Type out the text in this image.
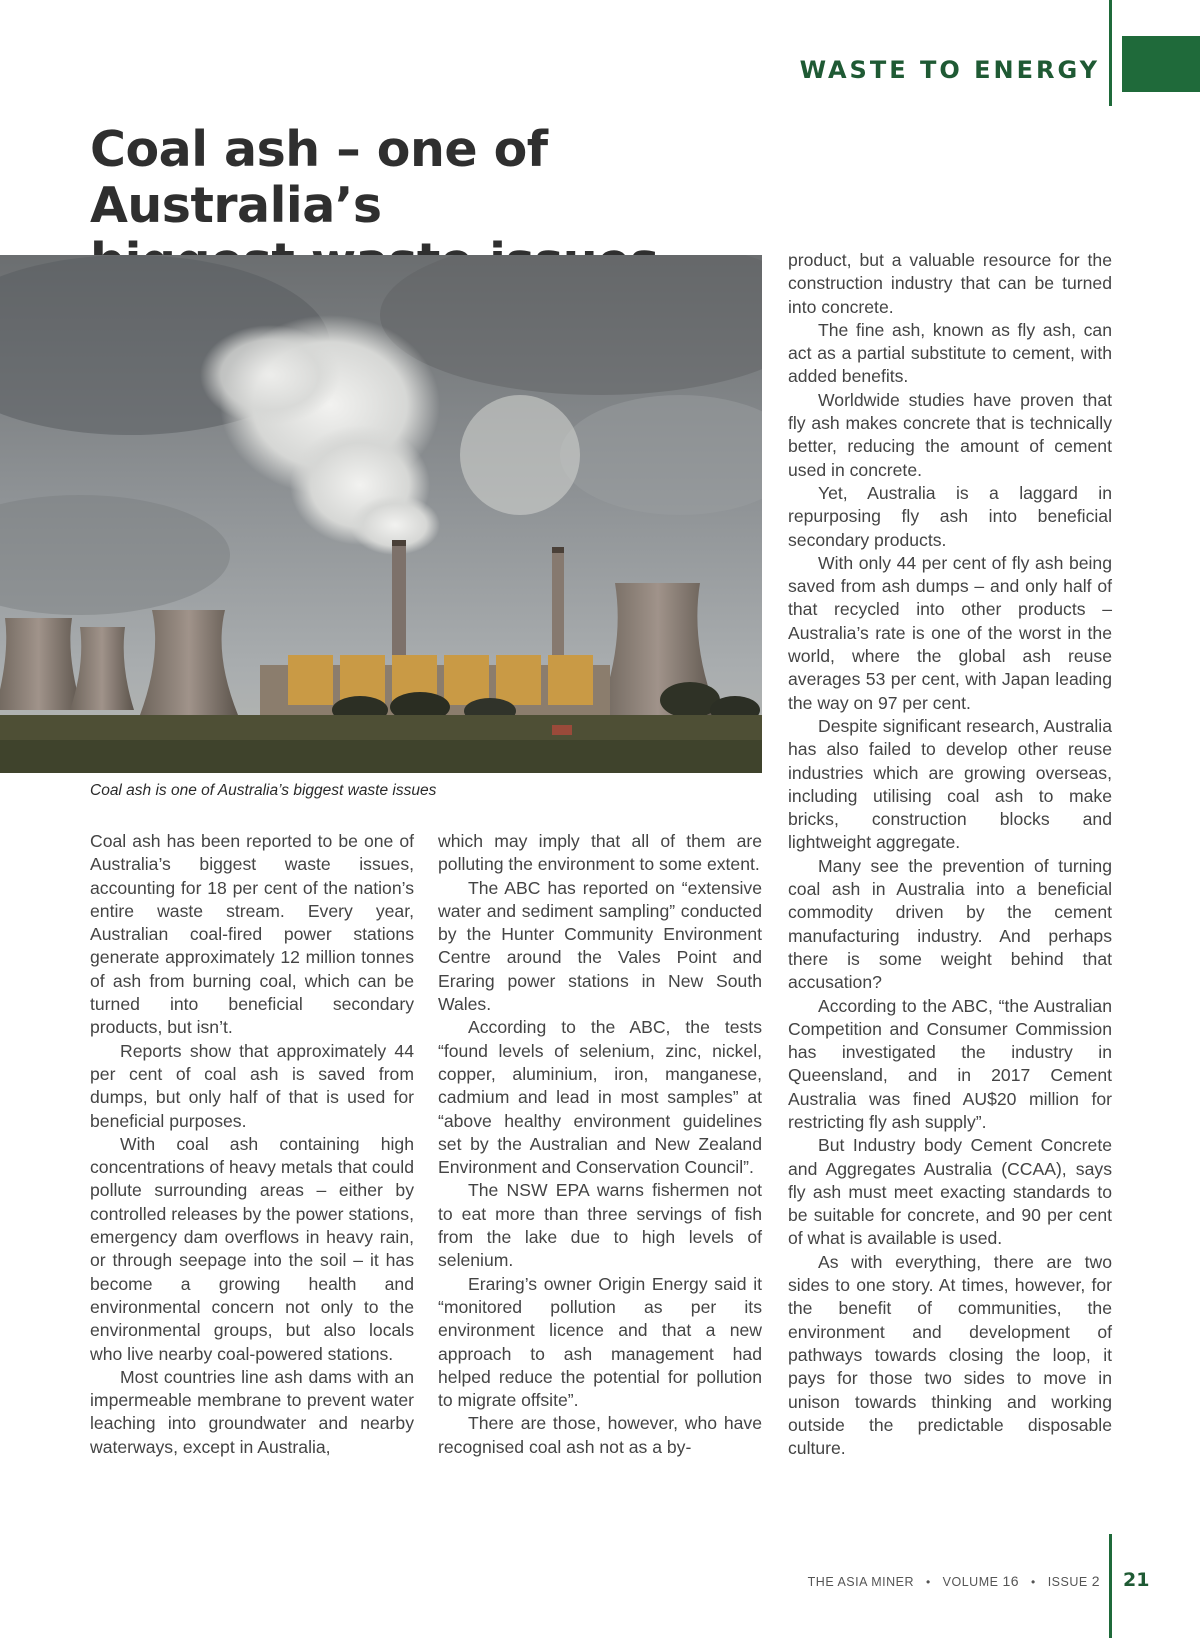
WASTE TO ENERGY
Coal ash – one of Australia’s

Coal ash is one of Australia’s biggest waste issues

Coal ash has been reported to be one of Australia’s biggest waste issues, accounting for 18 per cent of the nation’s entire waste stream. Every year, Australian coal-fired power stations generate approximately 12 million tonnes of ash from burning coal, which can be turned into beneficial secondary products, but isn’t.

Reports show that approximately 44 per cent of coal ash is saved from dumps, but only half of that is used for beneficial purposes.

With coal ash containing high concentrations of heavy metals that could pollute surrounding areas – either by controlled releases by the power stations, emergency dam overflows in heavy rain, or through seepage into the soil – it has become a growing health and environmental concern not only to the environmental groups, but also locals who live nearby coal-powered stations.

Most countries line ash dams with an impermeable membrane to prevent water leaching into groundwater and nearby waterways, except in Australia,

which may imply that all of them are polluting the environment to some extent.

The ABC has reported on “extensive water and sediment sampling” conducted by the Hunter Community Environment Centre around the Vales Point and Eraring power stations in New South Wales.

According to the ABC, the tests “found levels of selenium, zinc, nickel, copper, aluminium, iron, manganese, cadmium and lead in most samples” at “above healthy environment guidelines set by the Australian and New Zealand Environment and Conservation Council”.

The NSW EPA warns fishermen not to eat more than three servings of fish from the lake due to high levels of selenium.

Eraring’s owner Origin Energy said it “monitored pollution as per its environment licence and that a new approach to ash management had helped reduce the potential for pollution to migrate offsite”.

There are those, however, who have recognised coal ash not as a by-

product, but a valuable resource for the construction industry that can be turned into concrete.

The fine ash, known as fly ash, can act as a partial substitute to cement, with added benefits.

Worldwide studies have proven that fly ash makes concrete that is technically better, reducing the amount of cement used in concrete.

Yet, Australia is a laggard in repurposing fly ash into beneficial secondary products.

With only 44 per cent of fly ash being saved from ash dumps – and only half of that recycled into other products – Australia’s rate is one of the worst in the world, where the global ash reuse averages 53 per cent, with Japan leading the way on 97 per cent.

Despite significant research, Australia has also failed to develop other reuse industries which are growing overseas, including utilising coal ash to make bricks, construction blocks and lightweight aggregate.

Many see the prevention of turning coal ash in Australia into a beneficial commodity driven by the cement manufacturing industry. And perhaps there is some weight behind that accusation?

According to the ABC, “the Australian Competition and Consumer Commission has investigated the industry in Queensland, and in 2017 Cement Australia was fined AU$20 million for restricting fly ash supply”.

But Industry body Cement Concrete and Aggregates Australia (CCAA), says fly ash must meet exacting standards to be suitable for concrete, and 90 per cent of what is available is used.

As with everything, there are two sides to one story. At times, however, for the benefit of communities, the environment and development of pathways towards closing the loop, it pays for those two sides to move in unison towards thinking and working outside the predictable disposable culture.

THE ASIA MINER • VOLUME 16 • ISSUE 2 21
